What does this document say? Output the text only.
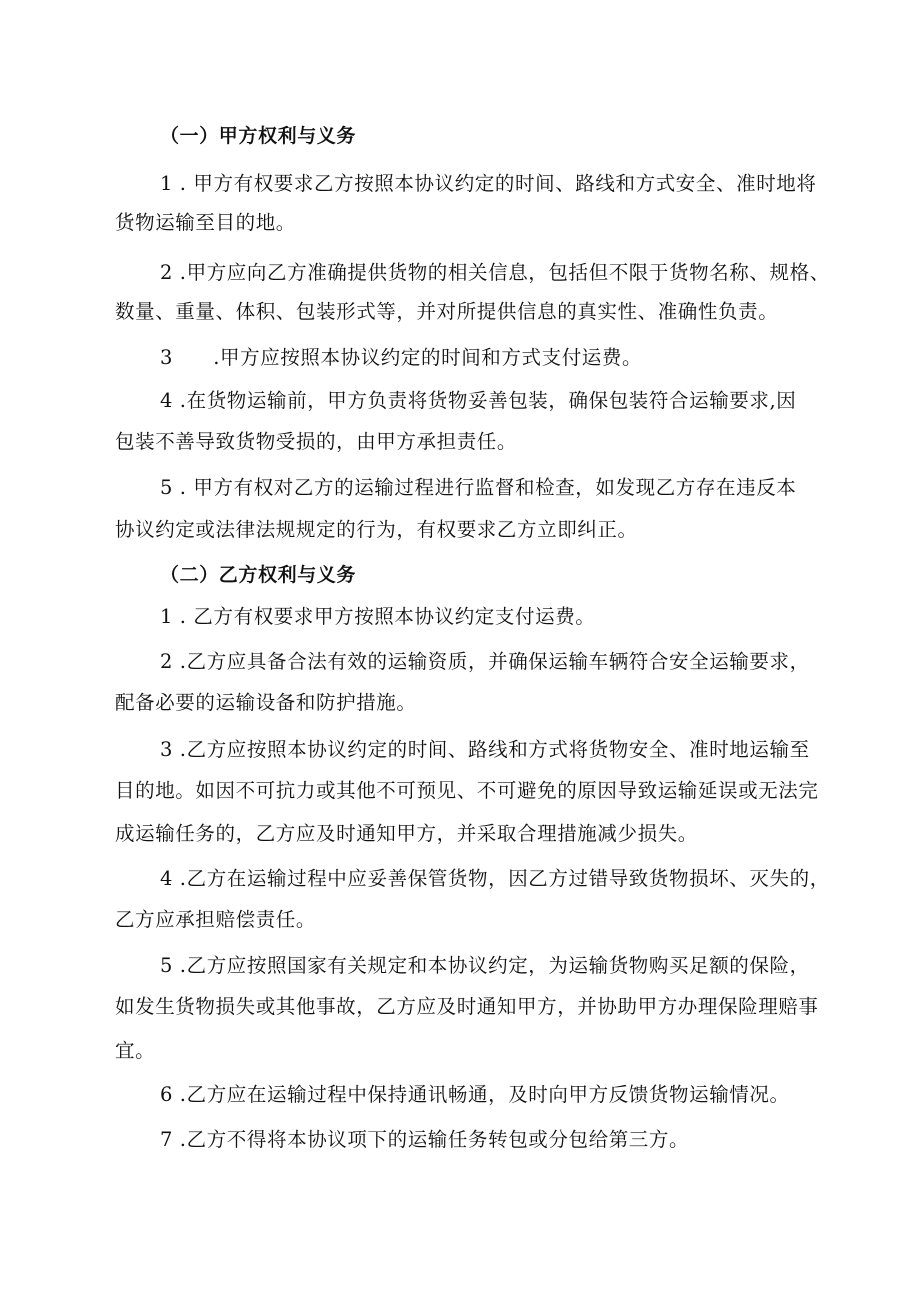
（一）甲方权利与义务
1 . 甲方有权要求乙方按照本协议约定的时间、路线和方式安全、准时地将
货物运输至目的地。
2 .甲方应向乙方准确提供货物的相关信息，包括但不限于货物名称、规格、
数量、重量、体积、包装形式等，并对所提供信息的真实性、准确性负责。
3　　.甲方应按照本协议约定的时间和方式支付运费。
4 .在货物运输前，甲方负责将货物妥善包装，确保包装符合运输要求,因
包装不善导致货物受损的，由甲方承担责任。
5 . 甲方有权对乙方的运输过程进行监督和检查，如发现乙方存在违反本
协议约定或法律法规规定的行为，有权要求乙方立即纠正。
（二）乙方权利与义务
1 . 乙方有权要求甲方按照本协议约定支付运费。
2 .乙方应具备合法有效的运输资质，并确保运输车辆符合安全运输要求，
配备必要的运输设备和防护措施。
3 .乙方应按照本协议约定的时间、路线和方式将货物安全、准时地运输至
目的地。如因不可抗力或其他不可预见、不可避免的原因导致运输延误或无法完
成运输任务的，乙方应及时通知甲方，并采取合理措施减少损失。
4 .乙方在运输过程中应妥善保管货物，因乙方过错导致货物损坏、灭失的，
乙方应承担赔偿责任。
5 .乙方应按照国家有关规定和本协议约定，为运输货物购买足额的保险，
如发生货物损失或其他事故，乙方应及时通知甲方，并协助甲方办理保险理赔事
宜。
6 .乙方应在运输过程中保持通讯畅通，及时向甲方反馈货物运输情况。
7 .乙方不得将本协议项下的运输任务转包或分包给第三方。
